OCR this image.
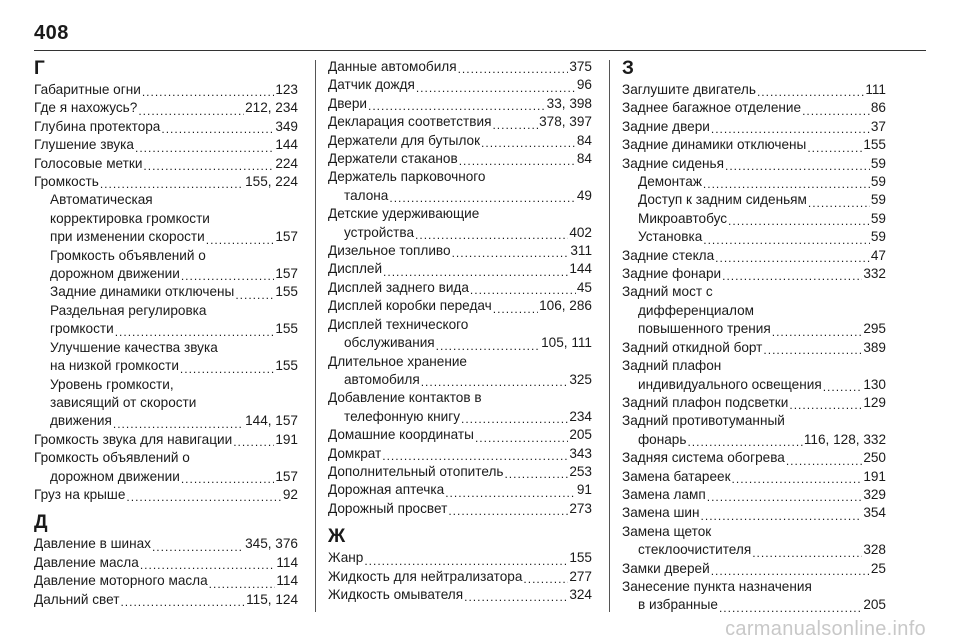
408
Г
Габаритные огни .....	123
Где я нахожусь? .....	212, 234
Глубина протектора .....	349
Глушение звука .....	144
Голосовые метки .....	224
Громкость .....	155, 224
Автоматическая
корректировка громкости
при изменении скорости .....	157
Громкость объявлений о
дорожном движении .....	157
Задние динамики отключены .....	155
Раздельная регулировка
громкости .....	155
Улучшение качества звука
на низкой громкости .....	155
Уровень громкости,
зависящий от скорости
движения .....	144, 157
Громкость звука для навигации .....	191
Громкость объявлений о
дорожном движении .....	157
Груз на крыше .....	92
Д
Давление в шинах .....	345, 376
Давление масла .....	114
Давление моторного масла .....	114
Дальний свет .....	115, 124
Данные автомобиля .....	375
Датчик дождя .....	96
Двери .....	33, 398
Декларация соответствия .....	378, 397
Держатели для бутылок .....	84
Держатели стаканов .....	84
Держатель парковочного
талона .....	49
Детские удерживающие
устройства .....	402
Дизельное топливо .....	311
Дисплей .....	144
Дисплей заднего вида .....	45
Дисплей коробки передач .....	106, 286
Дисплей технического
обслуживания .....	105, 111
Длительное хранение
автомобиля .....	325
Добавление контактов в
телефонную книгу .....	234
Домашние координаты .....	205
Домкрат .....	343
Дополнительный отопитель .....	253
Дорожная аптечка .....	91
Дорожный просвет .....	273
Ж
Жанр .....	155
Жидкость для нейтрализатора .....	277
Жидкость омывателя .....	324
З
Заглушите двигатель .....	111
Заднее багажное отделение .....	86
Задние двери .....	37
Задние динамики отключены .....	155
Задние сиденья .....	59
Демонтаж .....	59
Доступ к задним сиденьям .....	59
Микроавтобус .....	59
Установка .....	59
Задние стекла .....	47
Задние фонари .....	332
Задний мост с
дифференциалом
повышенного трения .....	295
Задний откидной борт .....	389
Задний плафон
индивидуального освещения .....	130
Задний плафон подсветки .....	129
Задний противотуманный
фонарь .....	116, 128, 332
Задняя система обогрева .....	250
Замена батареек .....	191
Замена ламп .....	329
Замена шин .....	354
Замена щеток
стеклоочистителя .....	328
Замки дверей .....	25
Занесение пункта назначения
в избранные .....	205
carmanualsonline.info
